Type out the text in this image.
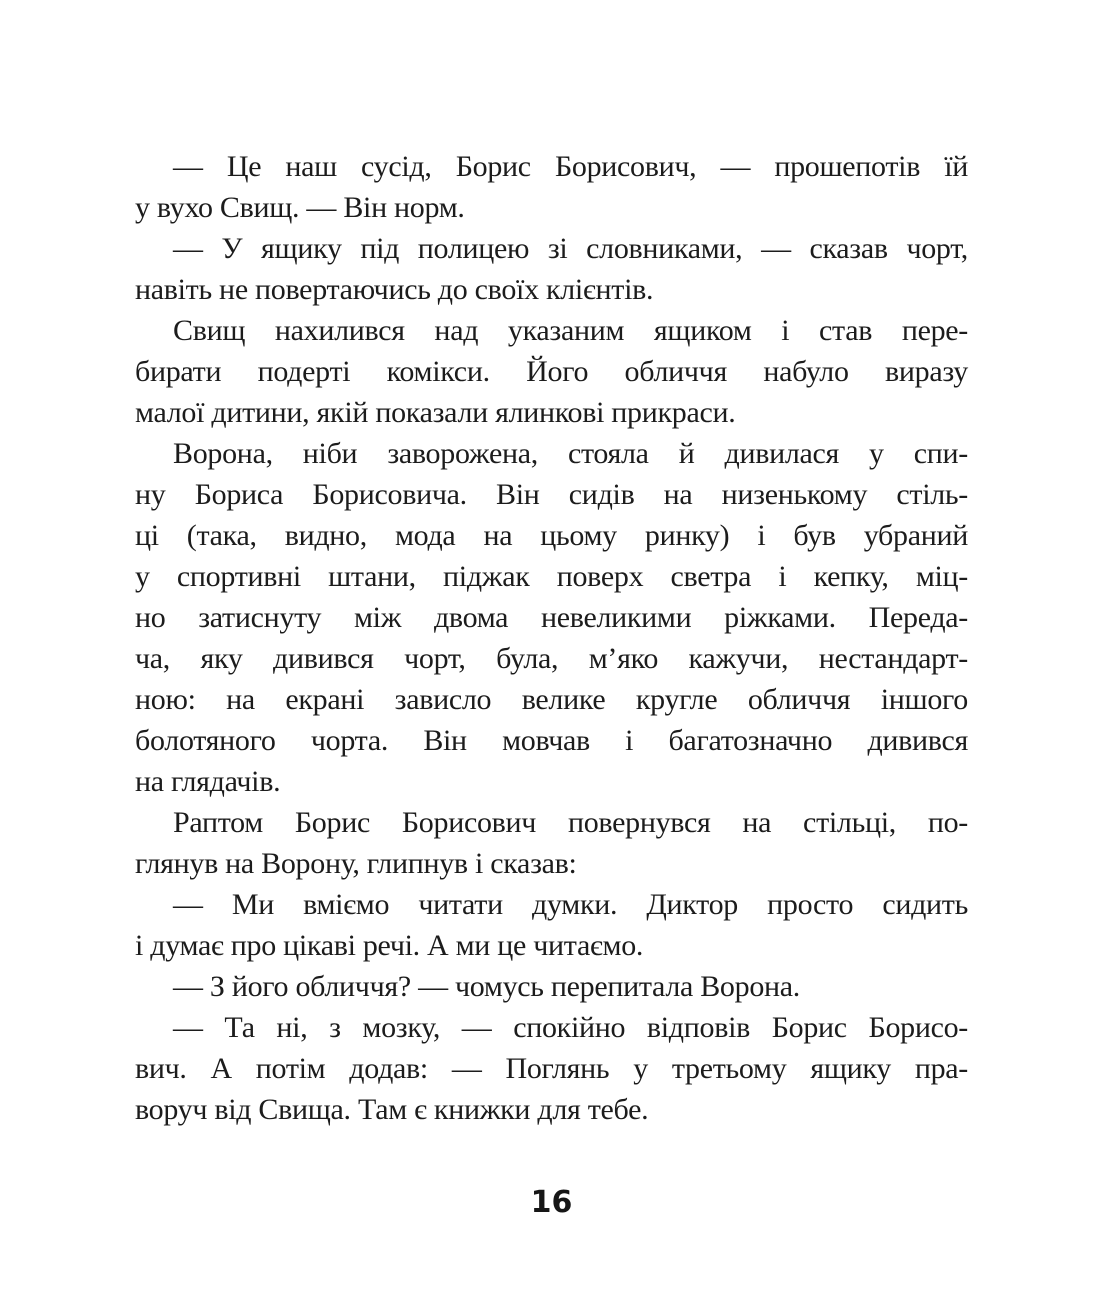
— Це наш сусід, Борис Борисович, — прошепотів їй
у вухо Свищ. — Він норм.
— У ящику під полицею зі словниками, — сказав чорт,
навіть не повертаючись до своїх клієнтів.
Свищ нахилився над указаним ящиком і став пере-
бирати подерті комікси. Його обличчя набуло виразу
малої дитини, якій показали ялинкові прикраси.
Ворона, ніби заворожена, стояла й дивилася у спи-
ну Бориса Борисовича. Він сидів на низенькому стіль-
ці (така, видно, мода на цьому ринку) і був убраний
у спортивні штани, піджак поверх светра і кепку, міц-
но затиснуту між двома невеликими ріжками. Переда-
ча, яку дивився чорт, була, м’яко кажучи, нестандарт-
ною: на екрані зависло велике кругле обличчя іншого
болотяного чорта. Він мовчав і багатозначно дивився
на глядачів.
Раптом Борис Борисович повернувся на стільці, по-
глянув на Ворону, глипнув і сказав:
— Ми вміємо читати думки. Диктор просто сидить
і думає про цікаві речі. А ми це читаємо.
— З його обличчя? — чомусь перепитала Ворона.
— Та ні, з мозку, — спокійно відповів Борис Борисо-
вич. А потім додав: — Поглянь у третьому ящику пра-
воруч від Свища. Там є книжки для тебе.
16
